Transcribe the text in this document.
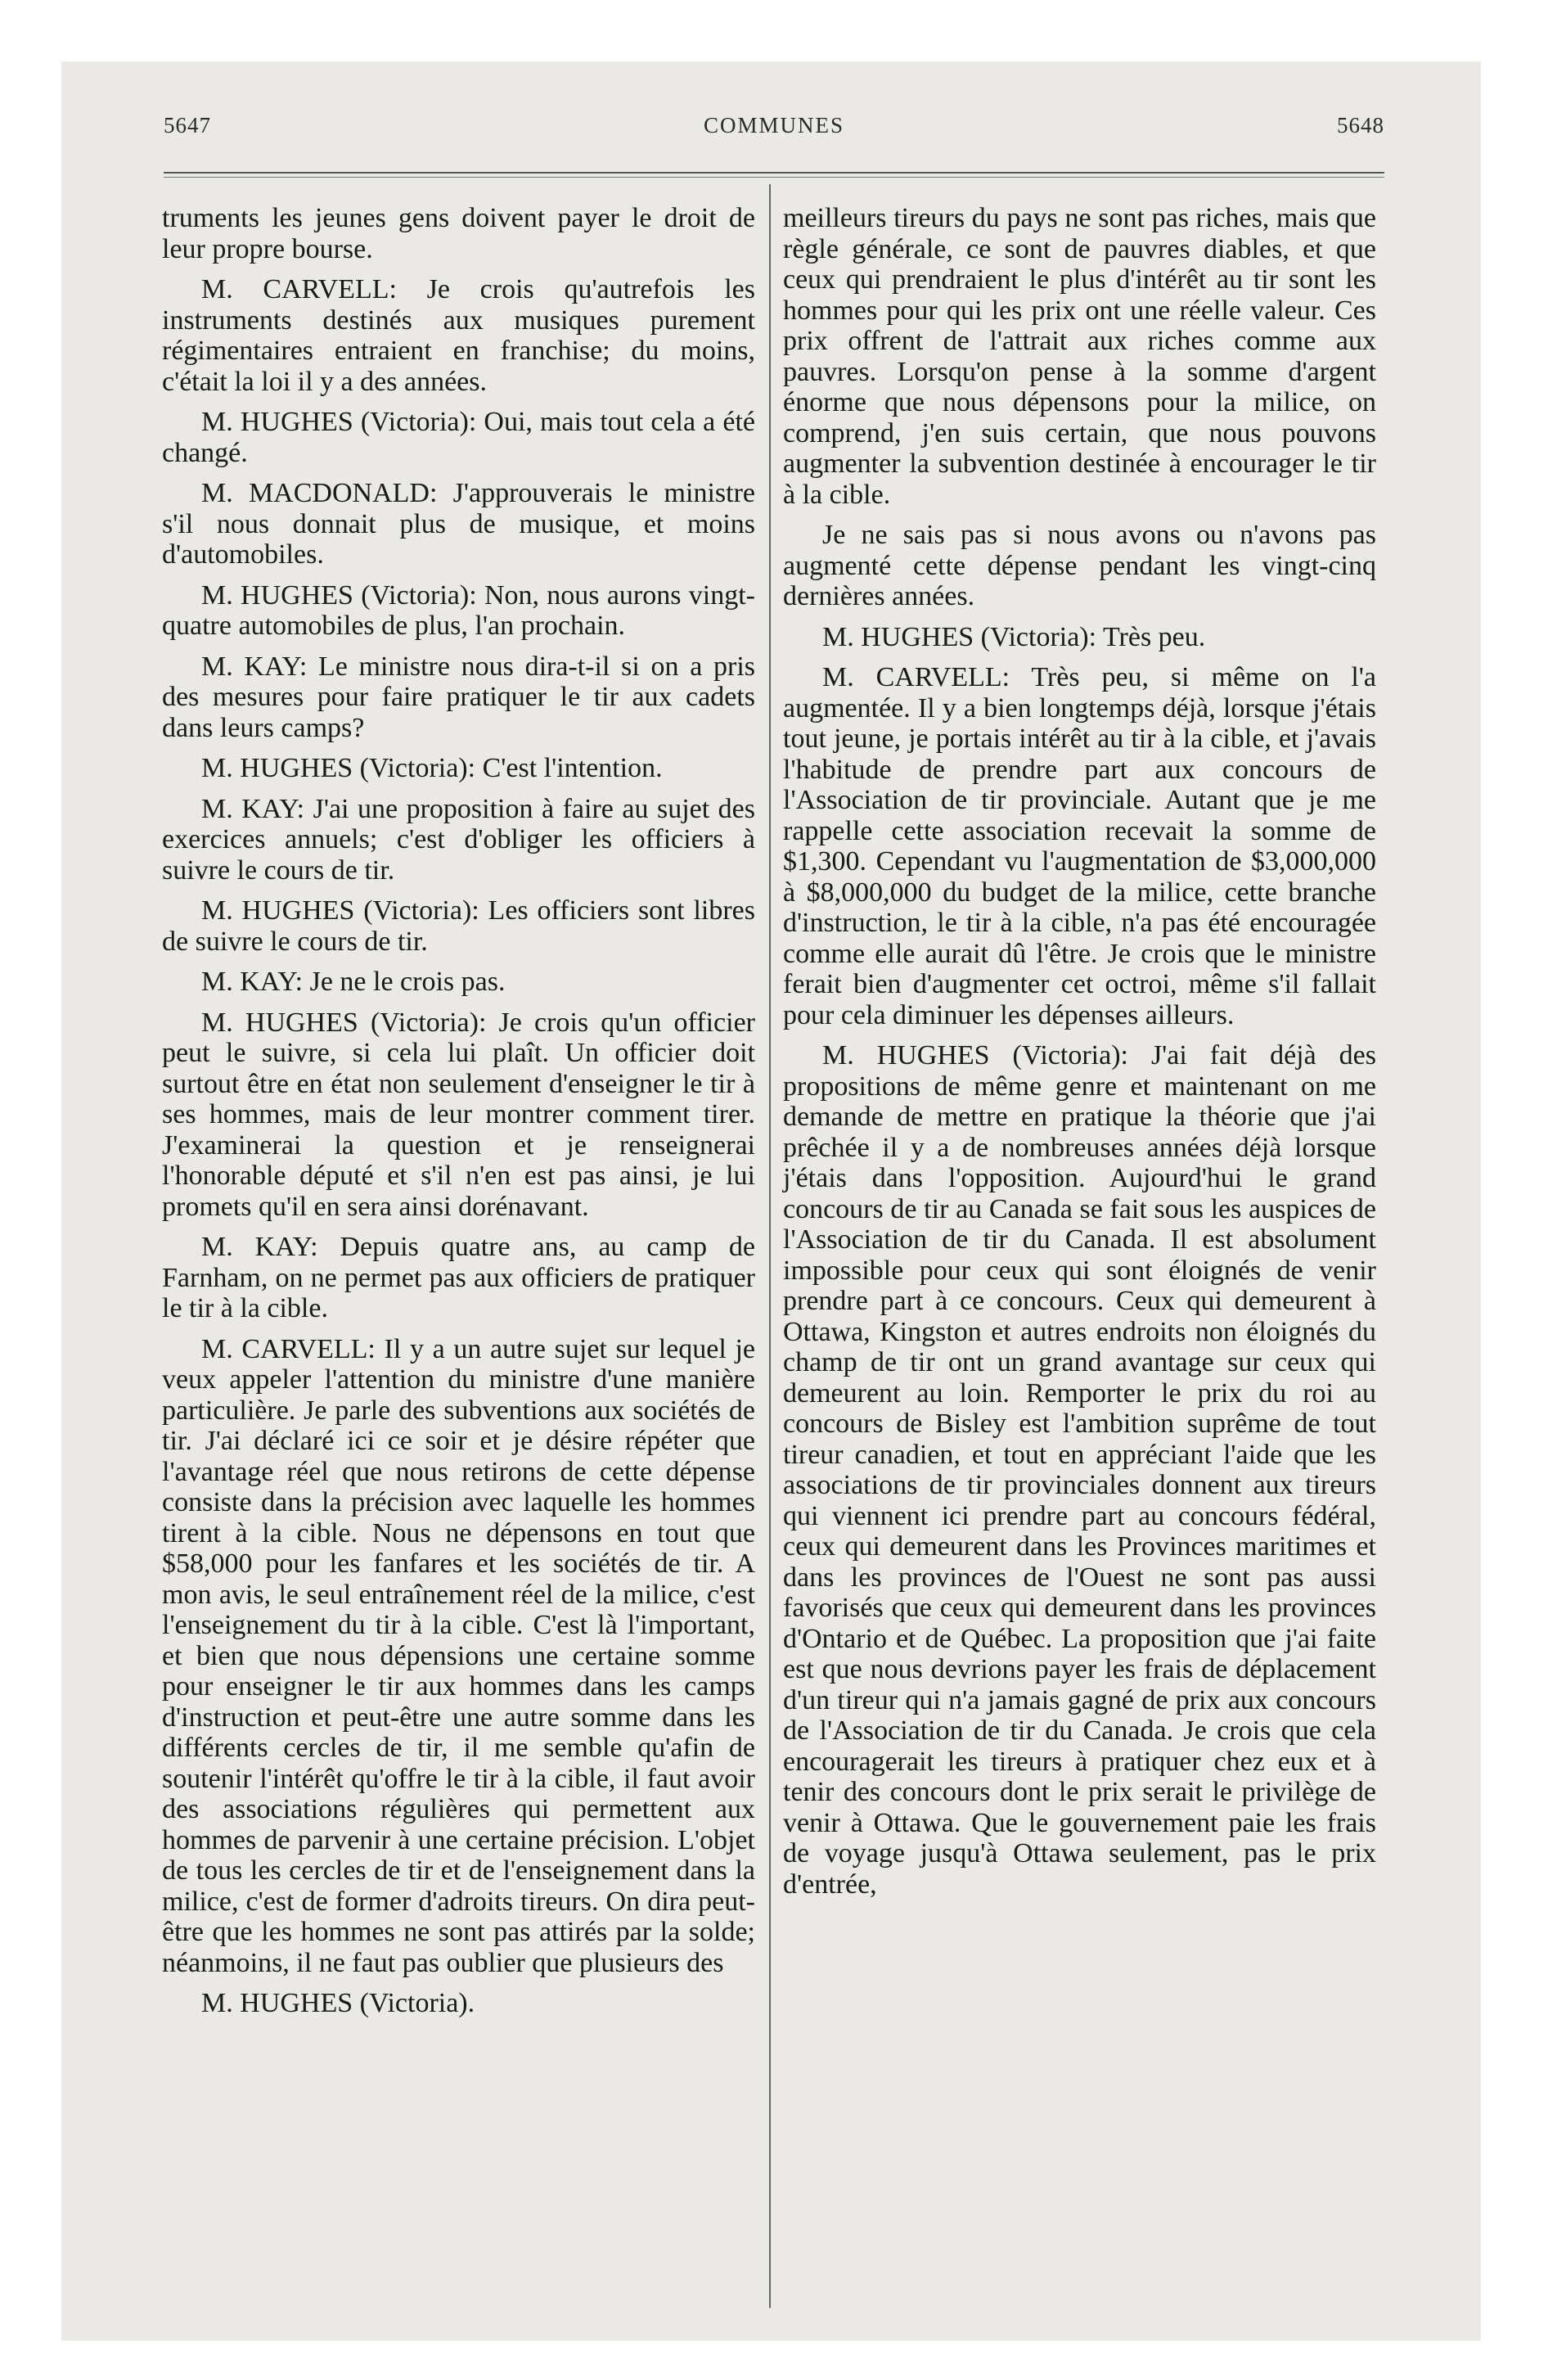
5647	COMMUNES	5648

truments les jeunes gens doivent payer le droit de leur propre bourse.

M. CARVELL: Je crois qu'autrefois les instruments destinés aux musiques purement régimentaires entraient en franchise; du moins, c'était la loi il y a des années.

M. HUGHES (Victoria): Oui, mais tout cela a été changé.

M. MACDONALD: J'approuverais le ministre s'il nous donnait plus de musique, et moins d'automobiles.

M. HUGHES (Victoria): Non, nous aurons vingt-quatre automobiles de plus, l'an prochain.

M. KAY: Le ministre nous dira-t-il si on a pris des mesures pour faire pratiquer le tir aux cadets dans leurs camps?

M. HUGHES (Victoria): C'est l'intention.

M. KAY: J'ai une proposition à faire au sujet des exercices annuels; c'est d'obliger les officiers à suivre le cours de tir.

M. HUGHES (Victoria): Les officiers sont libres de suivre le cours de tir.

M. KAY: Je ne le crois pas.

M. HUGHES (Victoria): Je crois qu'un officier peut le suivre, si cela lui plaît. Un officier doit surtout être en état non seulement d'enseigner le tir à ses hommes, mais de leur montrer comment tirer. J'examinerai la question et je renseignerai l'honorable député et s'il n'en est pas ainsi, je lui promets qu'il en sera ainsi dorénavant.

M. KAY: Depuis quatre ans, au camp de Farnham, on ne permet pas aux officiers de pratiquer le tir à la cible.

M. CARVELL: Il y a un autre sujet sur lequel je veux appeler l'attention du ministre d'une manière particulière. Je parle des subventions aux sociétés de tir. J'ai déclaré ici ce soir et je désire répéter que l'avantage réel que nous retirons de cette dépense consiste dans la précision avec laquelle les hommes tirent à la cible. Nous ne dépensons en tout que $58,000 pour les fanfares et les sociétés de tir. A mon avis, le seul entraînement réel de la milice, c'est l'enseignement du tir à la cible. C'est là l'important, et bien que nous dépensions une certaine somme pour enseigner le tir aux hommes dans les camps d'instruction et peut-être une autre somme dans les différents cercles de tir, il me semble qu'afin de soutenir l'intérêt qu'offre le tir à la cible, il faut avoir des associations régulières qui permettent aux hommes de parvenir à une certaine précision. L'objet de tous les cercles de tir et de l'enseignement dans la milice, c'est de former d'adroits tireurs. On dira peut-être que les hommes ne sont pas attirés par la solde; néanmoins, il ne faut pas oublier que plusieurs des

M. HUGHES (Victoria).

meilleurs tireurs du pays ne sont pas riches, mais que règle générale, ce sont de pauvres diables, et que ceux qui prendraient le plus d'intérêt au tir sont les hommes pour qui les prix ont une réelle valeur. Ces prix offrent de l'attrait aux riches comme aux pauvres. Lorsqu'on pense à la somme d'argent énorme que nous dépensons pour la milice, on comprend, j'en suis certain, que nous pouvons augmenter la subvention destinée à encourager le tir à la cible.

Je ne sais pas si nous avons ou n'avons pas augmenté cette dépense pendant les vingt-cinq dernières années.

M. HUGHES (Victoria): Très peu.

M. CARVELL: Très peu, si même on l'a augmentée. Il y a bien longtemps déjà, lorsque j'étais tout jeune, je portais intérêt au tir à la cible, et j'avais l'habitude de prendre part aux concours de l'Association de tir provinciale. Autant que je me rappelle cette association recevait la somme de $1,300. Cependant vu l'augmentation de $3,000,000 à $8,000,000 du budget de la milice, cette branche d'instruction, le tir à la cible, n'a pas été encouragée comme elle aurait dû l'être. Je crois que le ministre ferait bien d'augmenter cet octroi, même s'il fallait pour cela diminuer les dépenses ailleurs.

M. HUGHES (Victoria): J'ai fait déjà des propositions de même genre et maintenant on me demande de mettre en pratique la théorie que j'ai prêchée il y a de nombreuses années déjà lorsque j'étais dans l'opposition. Aujourd'hui le grand concours de tir au Canada se fait sous les auspices de l'Association de tir du Canada. Il est absolument impossible pour ceux qui sont éloignés de venir prendre part à ce concours. Ceux qui demeurent à Ottawa, Kingston et autres endroits non éloignés du champ de tir ont un grand avantage sur ceux qui demeurent au loin. Remporter le prix du roi au concours de Bisley est l'ambition suprême de tout tireur canadien, et tout en appréciant l'aide que les associations de tir provinciales donnent aux tireurs qui viennent ici prendre part au concours fédéral, ceux qui demeurent dans les Provinces maritimes et dans les provinces de l'Ouest ne sont pas aussi favorisés que ceux qui demeurent dans les provinces d'Ontario et de Québec. La proposition que j'ai faite est que nous devrions payer les frais de déplacement d'un tireur qui n'a jamais gagné de prix aux concours de l'Association de tir du Canada. Je crois que cela encouragerait les tireurs à pratiquer chez eux et à tenir des concours dont le prix serait le privilège de venir à Ottawa. Que le gouvernement paie les frais de voyage jusqu'à Ottawa seulement, pas le prix d'entrée,
